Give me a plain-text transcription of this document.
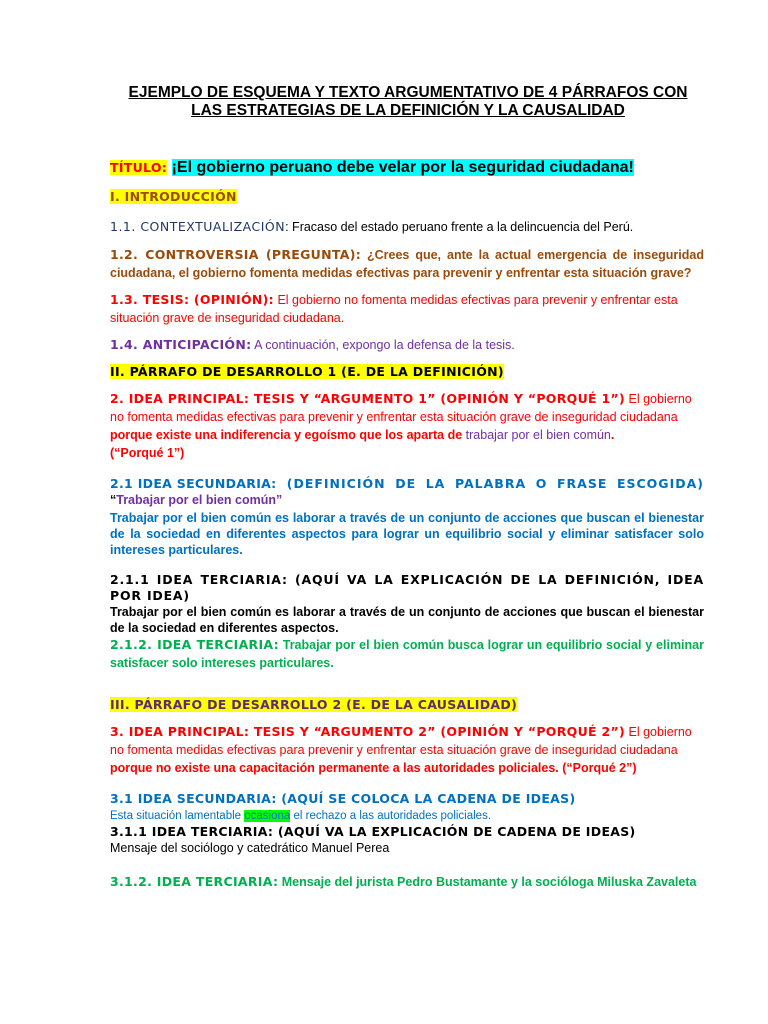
EJEMPLO DE ESQUEMA Y TEXTO ARGUMENTATIVO DE 4 PÁRRAFOS CON
LAS ESTRATEGIAS DE LA DEFINICIÓN Y LA CAUSALIDAD
TÍTULO: ¡El gobierno peruano debe velar por la seguridad ciudadana!
I. INTRODUCCIÓN
1.1. CONTEXTUALIZACIÓN: Fracaso del estado peruano frente a la delincuencia del Perú.
1.2. CONTROVERSIA (PREGUNTA): ¿Crees que, ante la actual emergencia de inseguridad ciudadana, el gobierno fomenta medidas efectivas para prevenir y enfrentar esta situación grave?
1.3. TESIS: (OPINIÓN): El gobierno no fomenta medidas efectivas para prevenir y enfrentar esta situación grave de inseguridad ciudadana.
1.4. ANTICIPACIÓN: A continuación, expongo la defensa de la tesis.
II. PÁRRAFO DE DESARROLLO 1 (E. DE LA DEFINICIÓN)
2. IDEA PRINCIPAL: TESIS Y “ARGUMENTO 1” (OPINIÓN Y “PORQUÉ 1”) El gobierno no fomenta medidas efectivas para prevenir y enfrentar esta situación grave de inseguridad ciudadana porque existe una indiferencia y egoísmo que los aparta de trabajar por el bien común.
(“Porqué 1”)
2.1 IDEA SECUNDARIA : (DEFINICIÓN DE LA PALABRA O FRASE ESCOGIDA)
“Trabajar por el bien común”
Trabajar por el bien común es laborar a través de un conjunto de acciones que buscan el bienestar de la sociedad en diferentes aspectos para lograr un equilibrio social y eliminar satisfacer solo intereses particulares.
2.1.1 IDEA TERCIARIA: (AQUÍ VA LA EXPLICACIÓN DE LA DEFINICIÓN, IDEA POR IDEA)
Trabajar por el bien común es laborar a través de un conjunto de acciones que buscan el bienestar de la sociedad en diferentes aspectos.
2.1.2. IDEA TERCIARIA: Trabajar por el bien común busca lograr un equilibrio social y eliminar satisfacer solo intereses particulares.
III. PÁRRAFO DE DESARROLLO 2 (E. DE LA CAUSALIDAD)
3. IDEA PRINCIPAL: TESIS Y “ARGUMENTO 2” (OPINIÓN Y “PORQUÉ 2”) El gobierno no fomenta medidas efectivas para prevenir y enfrentar esta situación grave de inseguridad ciudadana porque no existe una capacitación permanente a las autoridades policiales. (“Porqué 2”)
3.1 IDEA SECUNDARIA: (AQUÍ SE COLOCA LA CADENA DE IDEAS)
Esta situación lamentable ocasiona el rechazo a las autoridades policiales.
3.1.1 IDEA TERCIARIA: (AQUÍ VA LA EXPLICACIÓN DE CADENA DE IDEAS)
Mensaje del sociólogo y catedrático Manuel Perea
3.1.2. IDEA TERCIARIA: Mensaje del jurista Pedro Bustamante y la socióloga Miluska Zavaleta
